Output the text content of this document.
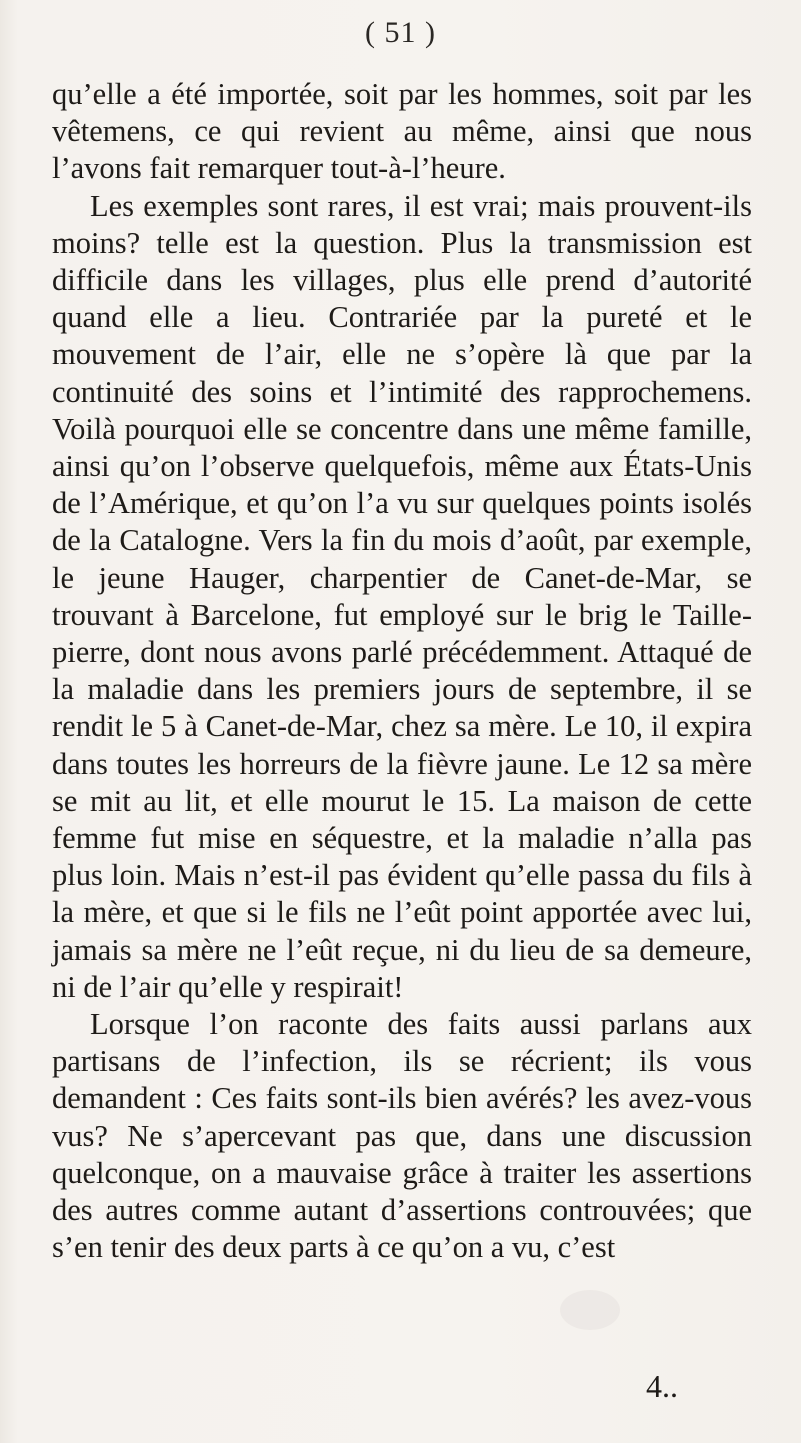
( 51 )

qu’elle a été importée, soit par les hommes, soit par les vêtemens, ce qui revient au même, ainsi que nous l’avons fait remarquer tout-à-l’heure.

Les exemples sont rares, il est vrai; mais prouvent-ils moins? telle est la question. Plus la transmission est difficile dans les villages, plus elle prend d’autorité quand elle a lieu. Contrariée par la pureté et le mouvement de l’air, elle ne s’opère là que par la continuité des soins et l’intimité des rapprochemens. Voilà pourquoi elle se concentre dans une même famille, ainsi qu’on l’observe quelquefois, même aux États-Unis de l’Amérique, et qu’on l’a vu sur quelques points isolés de la Catalogne. Vers la fin du mois d’août, par exemple, le jeune Hauger, charpentier de Canet-de-Mar, se trouvant à Barcelone, fut employé sur le brig le Taille-pierre, dont nous avons parlé précédemment. Attaqué de la maladie dans les premiers jours de septembre, il se rendit le 5 à Canet-de-Mar, chez sa mère. Le 10, il expira dans toutes les horreurs de la fièvre jaune. Le 12 sa mère se mit au lit, et elle mourut le 15. La maison de cette femme fut mise en séquestre, et la maladie n’alla pas plus loin. Mais n’est-il pas évident qu’elle passa du fils à la mère, et que si le fils ne l’eût point apportée avec lui, jamais sa mère ne l’eût reçue, ni du lieu de sa demeure, ni de l’air qu’elle y respirait!

Lorsque l’on raconte des faits aussi parlans aux partisans de l’infection, ils se récrient; ils vous demandent : Ces faits sont-ils bien avérés? les avez-vous vus? Ne s’apercevant pas que, dans une discussion quelconque, on a mauvaise grâce à traiter les assertions des autres comme autant d’assertions controuvées; que s’en tenir des deux parts à ce qu’on a vu, c’est

4..
